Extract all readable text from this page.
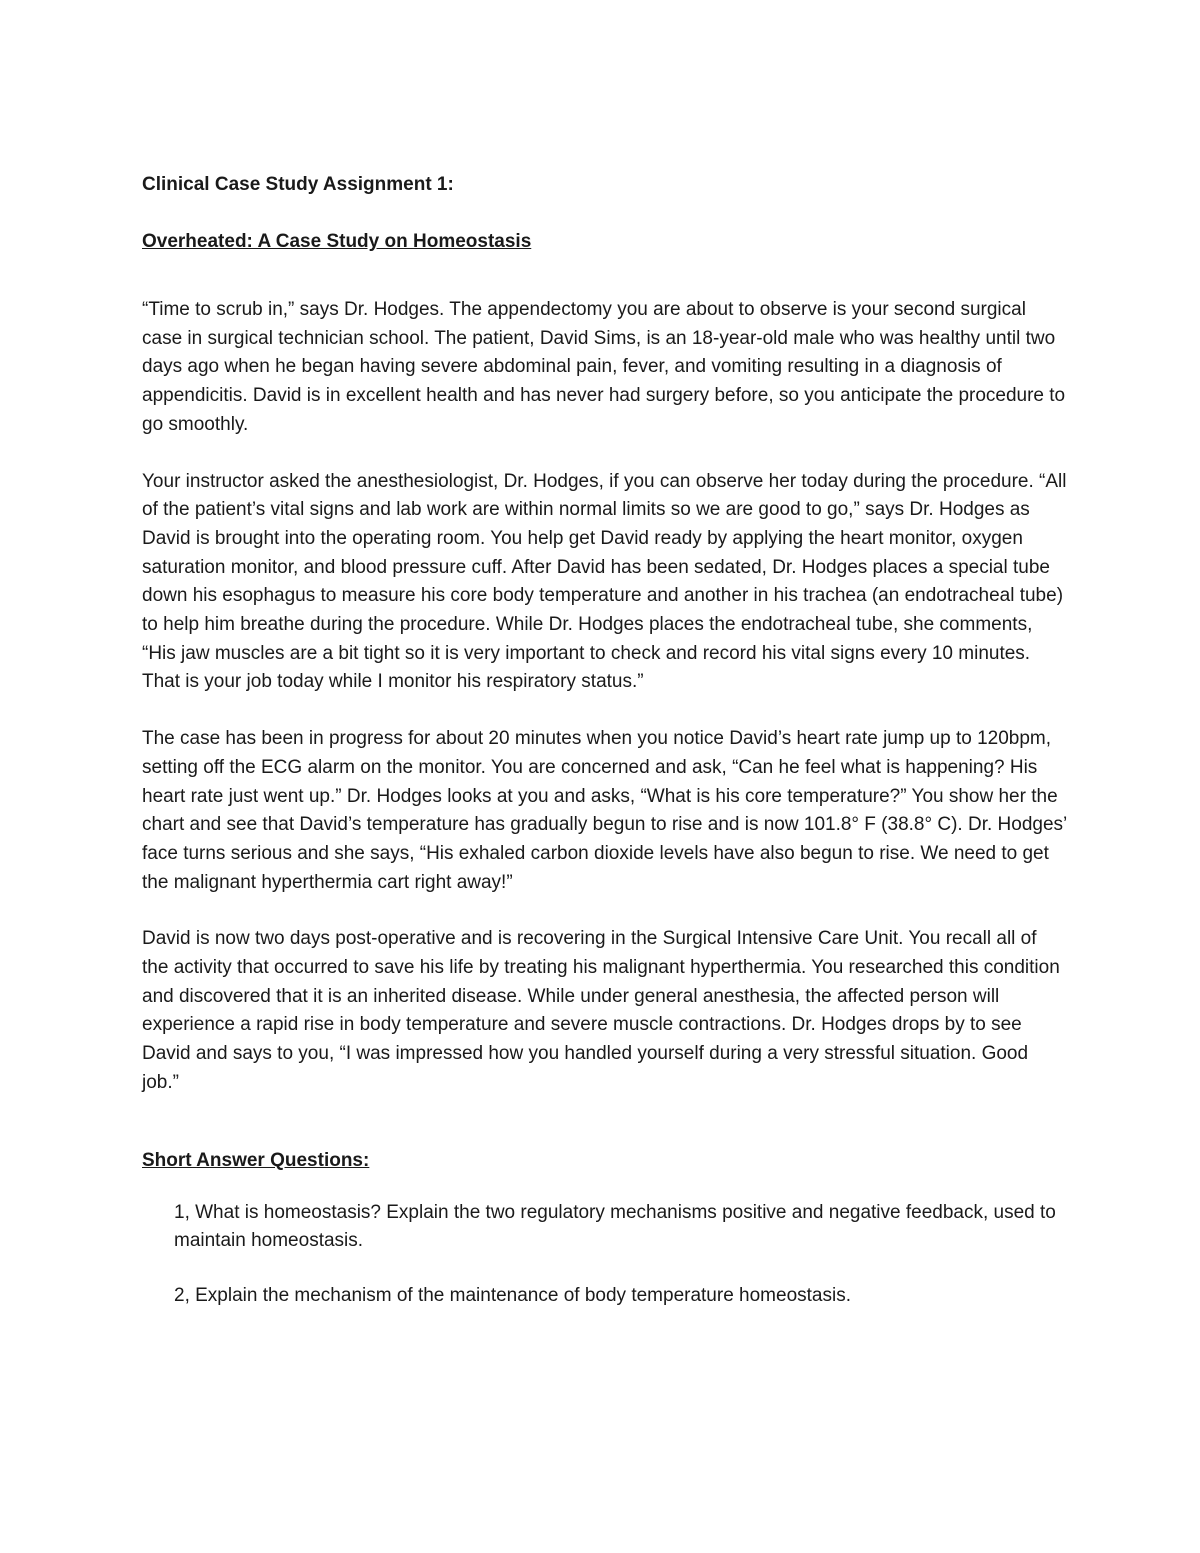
Clinical Case Study Assignment 1:
Overheated: A Case Study on Homeostasis
“Time to scrub in,” says Dr. Hodges. The appendectomy you are about to observe is your second surgical case in surgical technician school. The patient, David Sims, is an 18-year-old male who was healthy until two days ago when he began having severe abdominal pain, fever, and vomiting resulting in a diagnosis of appendicitis. David is in excellent health and has never had surgery before, so you anticipate the procedure to go smoothly.
Your instructor asked the anesthesiologist, Dr. Hodges, if you can observe her today during the procedure. “All of the patient’s vital signs and lab work are within normal limits so we are good to go,” says Dr. Hodges as David is brought into the operating room. You help get David ready by applying the heart monitor, oxygen saturation monitor, and blood pressure cuff. After David has been sedated, Dr. Hodges places a special tube down his esophagus to measure his core body temperature and another in his trachea (an endotracheal tube) to help him breathe during the procedure. While Dr. Hodges places the endotracheal tube, she comments, “His jaw muscles are a bit tight so it is very important to check and record his vital signs every 10 minutes. That is your job today while I monitor his respiratory status.”
The case has been in progress for about 20 minutes when you notice David’s heart rate jump up to 120bpm, setting off the ECG alarm on the monitor. You are concerned and ask, “Can he feel what is happening? His heart rate just went up.” Dr. Hodges looks at you and asks, “What is his core temperature?” You show her the chart and see that David’s temperature has gradually begun to rise and is now 101.8° F (38.8° C). Dr. Hodges’ face turns serious and she says, “His exhaled carbon dioxide levels have also begun to rise. We need to get the malignant hyperthermia cart right away!”
David is now two days post-operative and is recovering in the Surgical Intensive Care Unit. You recall all of the activity that occurred to save his life by treating his malignant hyperthermia. You researched this condition and discovered that it is an inherited disease. While under general anesthesia, the affected person will experience a rapid rise in body temperature and severe muscle contractions. Dr. Hodges drops by to see David and says to you, “I was impressed how you handled yourself during a very stressful situation. Good job.”
Short Answer Questions:
1, What is homeostasis? Explain the two regulatory mechanisms positive and negative feedback, used to maintain homeostasis.
2, Explain the mechanism of the maintenance of body temperature homeostasis.
